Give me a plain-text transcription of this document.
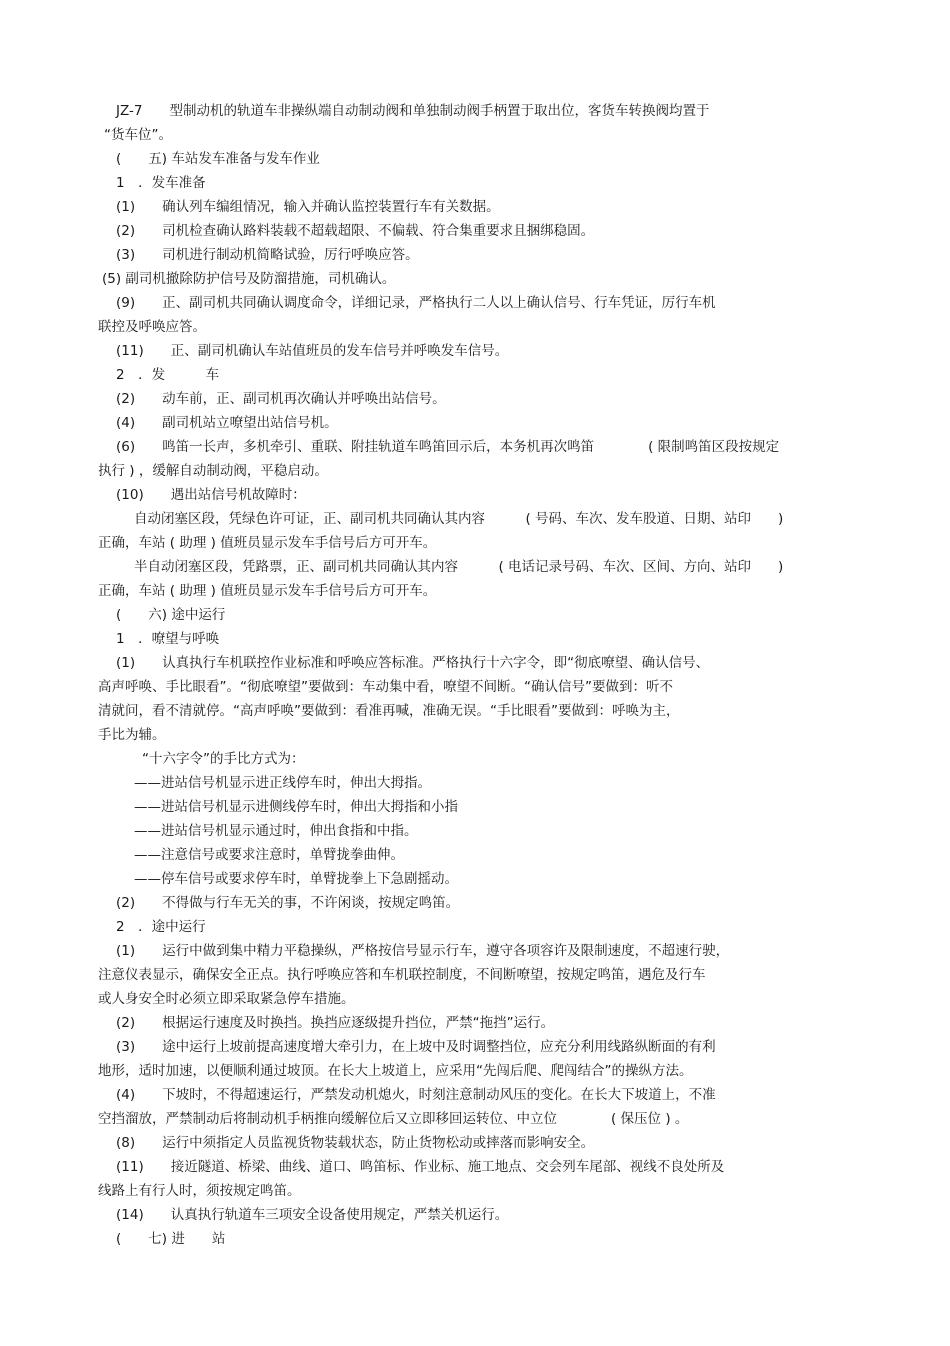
JZ-7　　型制动机的轨道车非操纵端自动制动阀和单独制动阀手柄置于取出位，客货车转换阀均置于
“货车位”。
(　　五) 车站发车准备与发车作业
1　．发车准备
(1)　　确认列车编组情况，输入并确认监控装置行车有关数据。
(2)　　司机检查确认路料装载不超载超限、不偏载、符合集重要求且捆绑稳固。
(3)　　司机进行制动机简略试验，厉行呼唤应答。
(5) 副司机撤除防护信号及防溜措施，司机确认。
(9)　　正、副司机共同确认调度命令，详细记录，严格执行二人以上确认信号、行车凭证，厉行车机
联控及呼唤应答。
(11)　　正、副司机确认车站值班员的发车信号并呼唤发车信号。
2　．发　　　车
(2)　　动车前，正、副司机再次确认并呼唤出站信号。
(4)　　副司机站立嘹望出站信号机。
(6)　　鸣笛一长声，多机牵引、重联、附挂轨道车鸣笛回示后，本务机再次鸣笛　　　　( 限制鸣笛区段按规定
执行 ) ，缓解自动制动阀，平稳启动。
(10)　　遇出站信号机故障时：
自动闭塞区段，凭绿色许可证，正、副司机共同确认其内容　　　( 号码、车次、发车股道、日期、站印　　)
正确，车站 ( 助理 ) 值班员显示发车手信号后方可开车。
半自动闭塞区段，凭路票，正、副司机共同确认其内容　　　( 电话记录号码、车次、区间、方向、站印　　)
正确，车站 ( 助理 ) 值班员显示发车手信号后方可开车。
(　　六) 途中运行
1　．嘹望与呼唤
(1)　　认真执行车机联控作业标准和呼唤应答标准。严格执行十六字令，即“彻底嘹望、确认信号、
高声呼唤、手比眼看”。“彻底嘹望”要做到：车动集中看，嘹望不间断。“确认信号”要做到：听不
清就问，看不清就停。“高声呼唤”要做到：看准再喊，准确无误。“手比眼看”要做到：呼唤为主，
手比为辅。
“十六字令”的手比方式为：
——进站信号机显示进正线停车时，伸出大拇指。
——进站信号机显示进侧线停车时，伸出大拇指和小指
——进站信号机显示通过时，伸出食指和中指。
——注意信号或要求注意时，单臂拢拳曲伸。
——停车信号或要求停车时，单臂拢拳上下急剧摇动。
(2)　　不得做与行车无关的事，不许闲谈，按规定鸣笛。
2　．途中运行
(1)　　运行中做到集中精力平稳操纵，严格按信号显示行车，遵守各项容许及限制速度，不超速行驶，
注意仪表显示，确保安全正点。执行呼唤应答和车机联控制度，不间断嘹望，按规定鸣笛，遇危及行车
或人身安全时必须立即采取紧急停车措施。
(2)　　根据运行速度及时换挡。换挡应逐级提升挡位，严禁“拖挡”运行。
(3)　　途中运行上坡前提高速度增大牵引力，在上坡中及时调整挡位，应充分利用线路纵断面的有利
地形，适时加速，以便顺利通过坡顶。在长大上坡道上，应采用“先闯后爬、爬闯结合”的操纵方法。
(4)　　下坡时，不得超速运行，严禁发动机熄火，时刻注意制动风压的变化。在长大下坡道上，不准
空挡溜放，严禁制动后将制动机手柄推向缓解位后又立即移回运转位、中立位　　　　( 保压位 ) 。
(8)　　运行中须指定人员监视货物装载状态，防止货物松动或摔落而影响安全。
(11)　　接近隧道、桥梁、曲线、道口、鸣笛标、作业标、施工地点、交会列车尾部、视线不良处所及
线路上有行人时，须按规定鸣笛。
(14)　　认真执行轨道车三项安全设备使用规定，严禁关机运行。
(　　七) 进　　站
